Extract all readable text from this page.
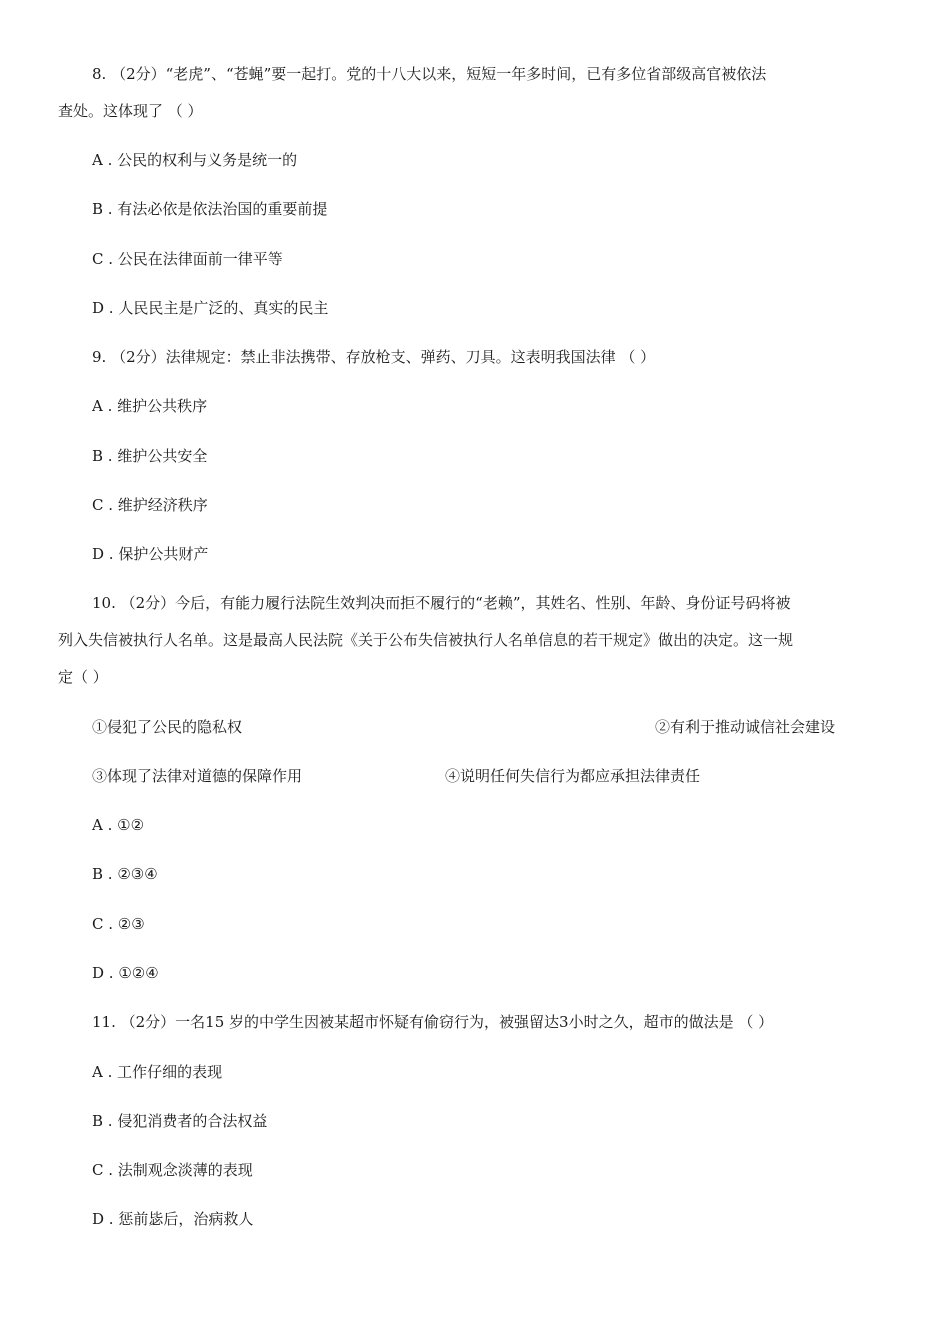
8. （2分）“老虎”、“苍蝇”要一起打。党的十八大以来，短短一年多时间，已有多位省部级高官被依法
查处。这体现了 （ ）
A . 公民的权利与义务是统一的
B . 有法必依是依法治国的重要前提
C . 公民在法律面前一律平等
D . 人民民主是广泛的、真实的民主
9. （2分）法律规定：禁止非法携带、存放枪支、弹药、刀具。这表明我国法律 （ ）
A . 维护公共秩序
B . 维护公共安全
C . 维护经济秩序
D . 保护公共财产
10. （2分）今后，有能力履行法院生效判决而拒不履行的“老赖”，其姓名、性别、年龄、身份证号码将被
列入失信被执行人名单。这是最高人民法院《关于公布失信被执行人名单信息的若干规定》做出的决定。这一规
定（ ）
①侵犯了公民的隐私权	②有利于推动诚信社会建设
③体现了法律对道德的保障作用	④说明任何失信行为都应承担法律责任
A . ①②
B . ②③④
C . ②③
D . ①②④
11. （2分）一名15 岁的中学生因被某超市怀疑有偷窃行为，被强留达3小时之久，超市的做法是 （ ）
A . 工作仔细的表现
B . 侵犯消费者的合法权益
C . 法制观念淡薄的表现
D . 惩前毖后，治病救人
